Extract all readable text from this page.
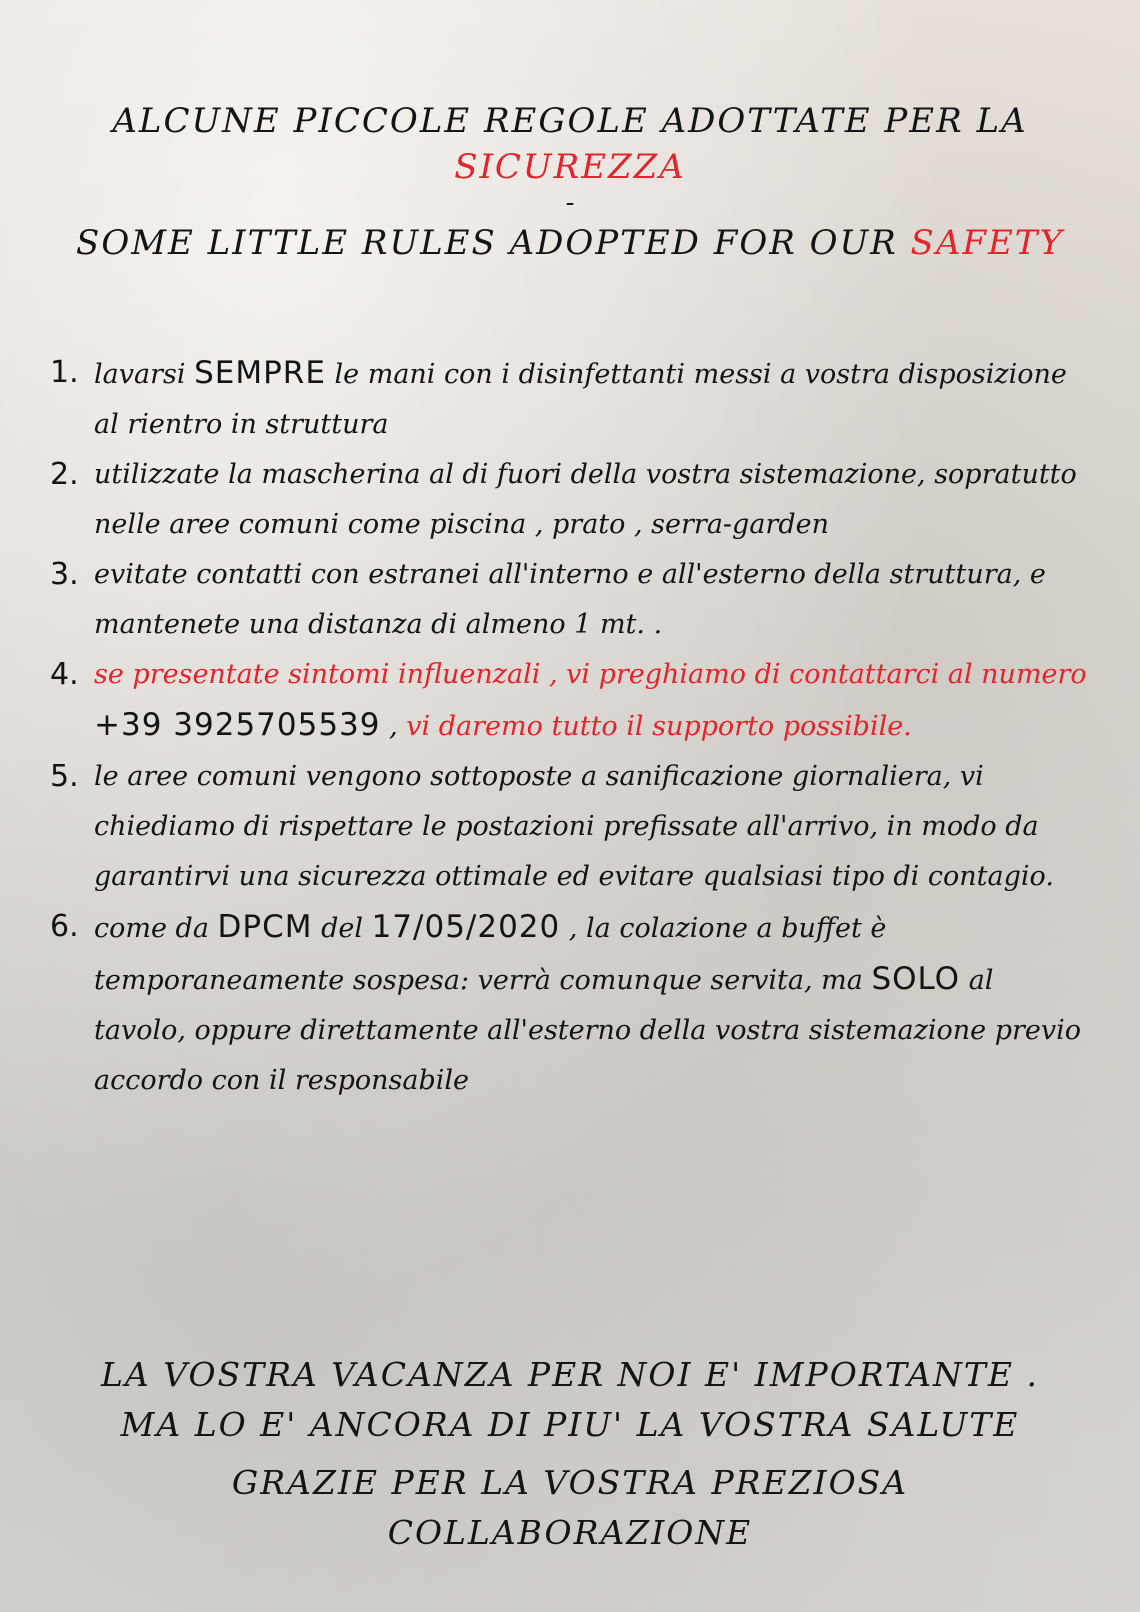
ALCUNE PICCOLE REGOLE ADOTTATE PER LA
SICUREZZA
-
SOME LITTLE RULES ADOPTED FOR OUR SAFETY
1. lavarsi SEMPRE le mani con i disinfettanti messi a vostra disposizione al rientro in struttura
2. utilizzate la mascherina al di fuori della vostra sistemazione, sopratutto nelle aree comuni come piscina , prato , serra-garden
3. evitate contatti con estranei all'interno e all'esterno della struttura, e mantenete una distanza di almeno 1 mt. .
4. se presentate sintomi influenzali , vi preghiamo di contattarci al numero +39 3925705539 , vi daremo tutto il supporto possibile.
5. le aree comuni vengono sottoposte a sanificazione giornaliera, vi chiediamo di rispettare le postazioni prefissate all'arrivo, in modo da garantirvi una sicurezza ottimale ed evitare qualsiasi tipo di contagio.
6. come da DPCM del 17/05/2020 , la colazione a buffet è temporaneamente sospesa: verrà comunque servita, ma SOLO al tavolo, oppure direttamente all'esterno della vostra sistemazione previo accordo con il responsabile
LA VOSTRA VACANZA PER NOI E' IMPORTANTE .
MA LO E' ANCORA DI PIU' LA VOSTRA SALUTE
GRAZIE PER LA VOSTRA PREZIOSA
COLLABORAZIONE
